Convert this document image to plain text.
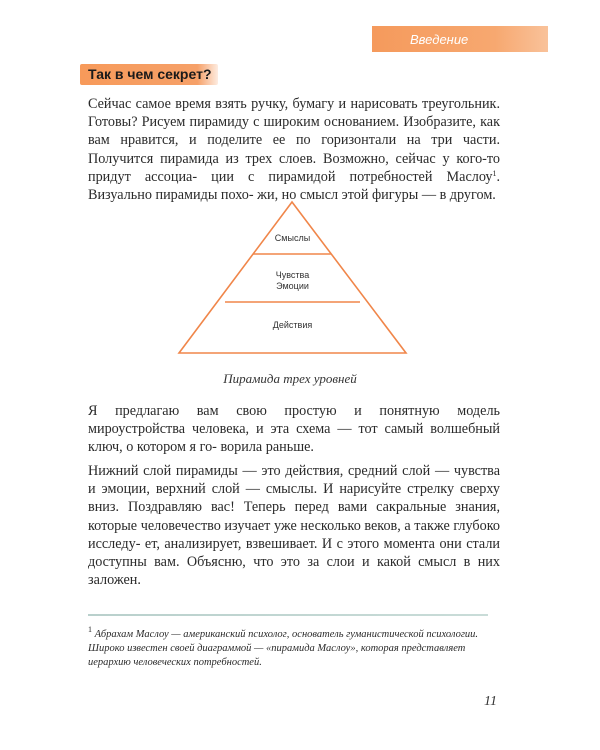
Введение
Так в чем секрет?

Сейчас самое время взять ручку, бумагу и нарисовать треугольник. Готовы? Рисуем пирамиду с широким основанием. Изобразите, как вам нравится, и поделите ее по горизонтали на три части. Получится пирамида из трех слоев. Возможно, сейчас у кого-то придут ассоциа- ции с пирамидой потребностей Маслоу$^1$. Визуально пирамиды похо- жи, но смысл этой фигуры — в другом.

Смыслы
Чувства
Эмоции
Действия
Пирамида трех уровней

Я предлагаю вам свою простую и понятную модель мироустройства человека, и эта схема — тот самый волшебный ключ, о котором я го- ворила раньше.

Нижний слой пирамиды — это действия, средний слой — чувства и эмоции, верхний слой — смыслы. И нарисуйте стрелку сверху вниз. Поздравляю вас! Теперь перед вами сакральные знания, которые человечество изучает уже несколько веков, а также глубоко исследу- ет, анализирует, взвешивает. И с этого момента они стали доступны вам. Объясню, что это за слои и какой смысл в них заложен.

$^1$ Абрахам Маслоу — американский психолог, основатель гуманистической психологии. Широко известен своей диаграммой — «пирамида Маслоу», которая представляет иерархию человеческих потребностей.

11
